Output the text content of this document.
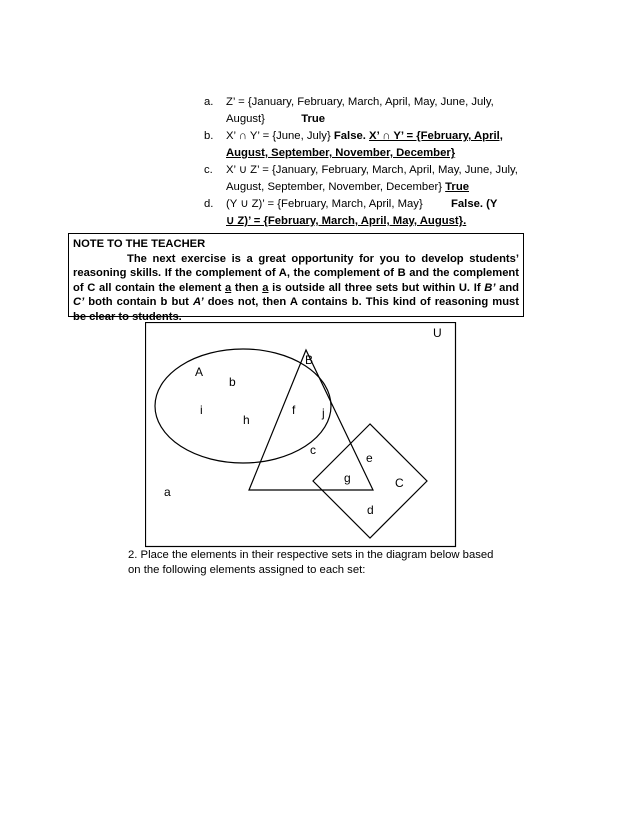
a. Z’ = {January, February, March, April, May, June, July, August}	True
b. X’ ∩ Y’ = {June, July} False. X’ ∩ Y’ = {February, April, August, September, November, December}
c. X’ ∪ Z’ = {January, February, March, April, May, June, July, August, September, November, December} True
d. (Y ∪ Z)’ = {February, March, April, May}	False. (Y
∪ Z)’ = {February, March, April, May, August}.
NOTE TO THE TEACHER
The next exercise is a great opportunity for you to develop students’ reasoning skills. If the complement of A, the complement of B and the complement of C all contain the element a then a is outside all three sets but within U. If B’ and C’ both contain b but A’ does not, then A contains b. This kind of reasoning must be clear to students.
U
A
B
C
b
i
h
f j
c
e
g
d
a
2. Place the elements in their respective sets in the diagram below based on the following elements assigned to each set:
